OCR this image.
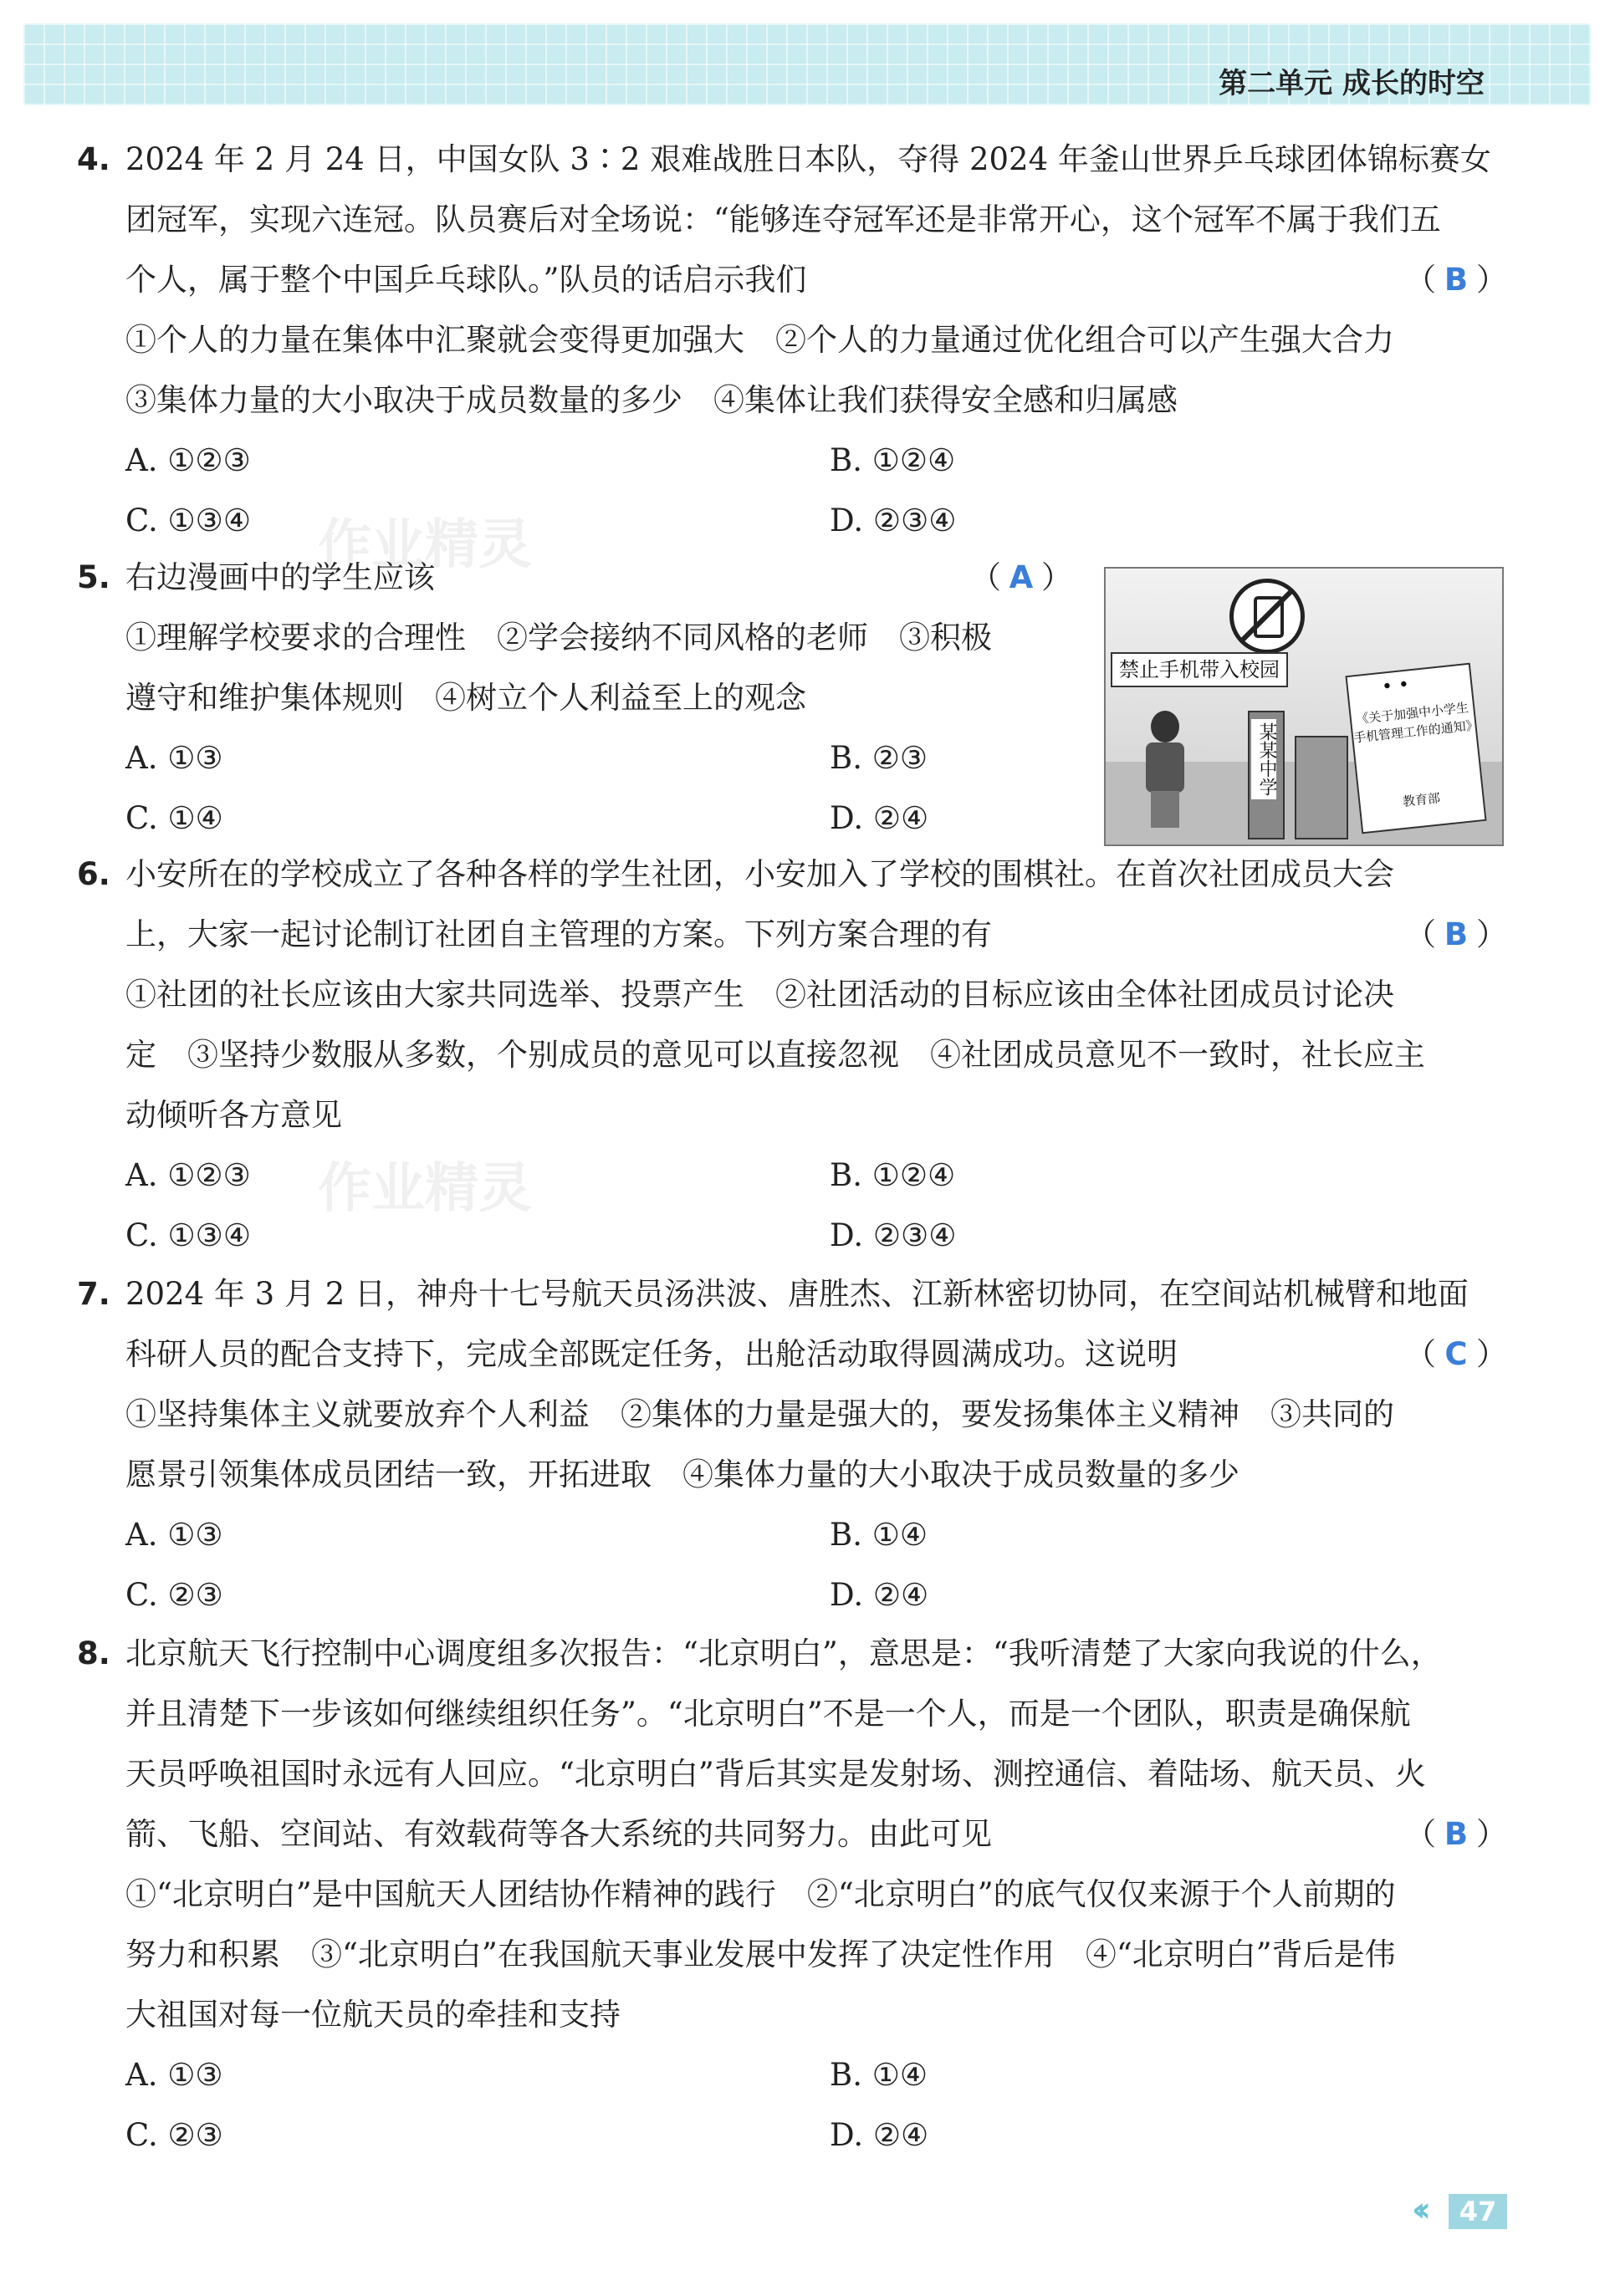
第二单元 成长的时空
作业精灵
作业精灵
4. 2024 年 2 月 24 日，中国女队 3∶2 艰难战胜日本队，夺得 2024 年釜山世界乒乓球团体锦标赛女
团冠军，实现六连冠。队员赛后对全场说：“能够连夺冠军还是非常开心，这个冠军不属于我们五
个人，属于整个中国乒乓球队。”队员的话启示我们	（ B ）
①个人的力量在集体中汇聚就会变得更加强大　②个人的力量通过优化组合可以产生强大合力
③集体力量的大小取决于成员数量的多少　④集体让我们获得安全感和归属感
A. ①②③	B. ①②④
C. ①③④	D. ②③④
5. 右边漫画中的学生应该	（ A ）
①理解学校要求的合理性　②学会接纳不同风格的老师　③积极
遵守和维护集体规则　④树立个人利益至上的观念
A. ①③	B. ②③
C. ①④	D. ②④
禁止手机带入校园
某某中学
• •
《关于加强中小学生手机管理工作的通知》
教育部
6. 小安所在的学校成立了各种各样的学生社团，小安加入了学校的围棋社。在首次社团成员大会
上，大家一起讨论制订社团自主管理的方案。下列方案合理的有	（ B ）
①社团的社长应该由大家共同选举、投票产生　②社团活动的目标应该由全体社团成员讨论决
定　③坚持少数服从多数，个别成员的意见可以直接忽视　④社团成员意见不一致时，社长应主
动倾听各方意见
A. ①②③	B. ①②④
C. ①③④	D. ②③④
7. 2024 年 3 月 2 日，神舟十七号航天员汤洪波、唐胜杰、江新林密切协同，在空间站机械臂和地面
科研人员的配合支持下，完成全部既定任务，出舱活动取得圆满成功。这说明	（ C ）
①坚持集体主义就要放弃个人利益　②集体的力量是强大的，要发扬集体主义精神　③共同的
愿景引领集体成员团结一致，开拓进取　④集体力量的大小取决于成员数量的多少
A. ①③	B. ①④
C. ②③	D. ②④
8. 北京航天飞行控制中心调度组多次报告：“北京明白”，意思是：“我听清楚了大家向我说的什么，
并且清楚下一步该如何继续组织任务”。“北京明白”不是一个人，而是一个团队，职责是确保航
天员呼唤祖国时永远有人回应。“北京明白”背后其实是发射场、测控通信、着陆场、航天员、火
箭、飞船、空间站、有效载荷等各大系统的共同努力。由此可见	（ B ）
①“北京明白”是中国航天人团结协作精神的践行　②“北京明白”的底气仅仅来源于个人前期的
努力和积累　③“北京明白”在我国航天事业发展中发挥了决定性作用　④“北京明白”背后是伟
大祖国对每一位航天员的牵挂和支持
A. ①③	B. ①④
C. ②③	D. ②④
‹‹	47
